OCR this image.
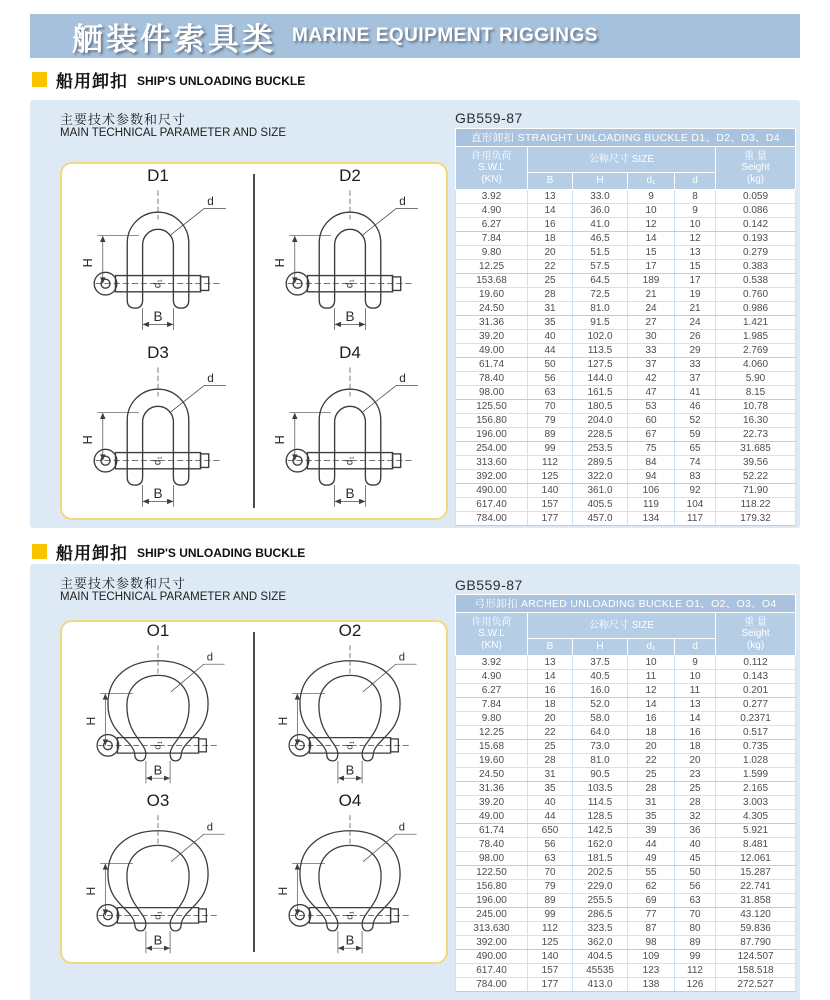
舾装件索具类 MARINE EQUIPMENT RIGGINGS
船用卸扣 SHIP'S UNLOADING BUCKLE
主要技术参数和尺寸
MAIN TECHNICAL PARAMETER AND SIZE
D1
d₁
d
H
B
D2
d₁
d
H
B
D3
d₁
d
H
B
D4
d₁
d
H
B
GB559-87
直形卸扣 STRAIGHT UNLOADING BUCKLE D1、D2、D3、D4					

许用负荷
S.W.L
(KN)	公称尺寸 SIZE				重 量
Seight
(kg)

	B	H	d₁	d	
3.92	13	33.0	9	8	0.059
4.90	14	36.0	10	9	0.086
6.27	16	41.0	12	10	0.142
7.84	18	46.5	14	12	0.193
9.80	20	51.5	15	13	0.279
12.25	22	57.5	17	15	0.383
153.68	25	64.5	189	17	0.538
19.60	28	72.5	21	19	0.760
24.50	31	81.0	24	21	0.986
31.36	35	91.5	27	24	1.421
39.20	40	102.0	30	26	1.985
49.00	44	113.5	33	29	2.769
61.74	50	127.5	37	33	4.060
78.40	56	144.0	42	37	5.90
98.00	63	161.5	47	41	8.15
125.50	70	180.5	53	46	10.78
156.80	79	204.0	60	52	16.30
196.00	89	228.5	67	59	22.73
254.00	99	253.5	75	65	31.685
313.60	112	289.5	84	74	39.56
392.00	125	322.0	94	83	52.22
490.00	140	361.0	106	92	71.90
617.40	157	405.5	119	104	118.22
784.00	177	457.0	134	117	179.32
船用卸扣 SHIP'S UNLOADING BUCKLE
主要技术参数和尺寸
MAIN TECHNICAL PARAMETER AND SIZE
O1
d₁
d
H
B
O2
d₁
d
H
B
O3
d₁
d
H
B
O4
d₁
d
H
B
GB559-87
弓形卸扣 ARCHED UNLOADING BUCKLE O1、O2、O3、O4					

许用负荷
S.W.L
(KN)	公称尺寸 SIZE				重 量
Seight
(kg)

	B	H	d₁	d	
3.92	13	37.5	10	9	0.112
4.90	14	40.5	11	10	0.143
6.27	16	16.0	12	11	0.201
7.84	18	52.0	14	13	0.277
9.80	20	58.0	16	14	0.2371
12.25	22	64.0	18	16	0.517
15.68	25	73.0	20	18	0.735
19.60	28	81.0	22	20	1.028
24.50	31	90.5	25	23	1.599
31.36	35	103.5	28	25	2.165
39.20	40	114.5	31	28	3.003
49.00	44	128.5	35	32	4.305
61.74	650	142.5	39	36	5.921
78.40	56	162.0	44	40	8.481
98.00	63	181.5	49	45	12.061
122.50	70	202.5	55	50	15.287
156.80	79	229.0	62	56	22.741
196.00	89	255.5	69	63	31.858
245.00	99	286.5	77	70	43.120
313.630	112	323.5	87	80	59.836
392.00	125	362.0	98	89	87.790
490.00	140	404.5	109	99	124.507
617.40	157	45535	123	112	158.518
784.00	177	413.0	138	126	272.527
